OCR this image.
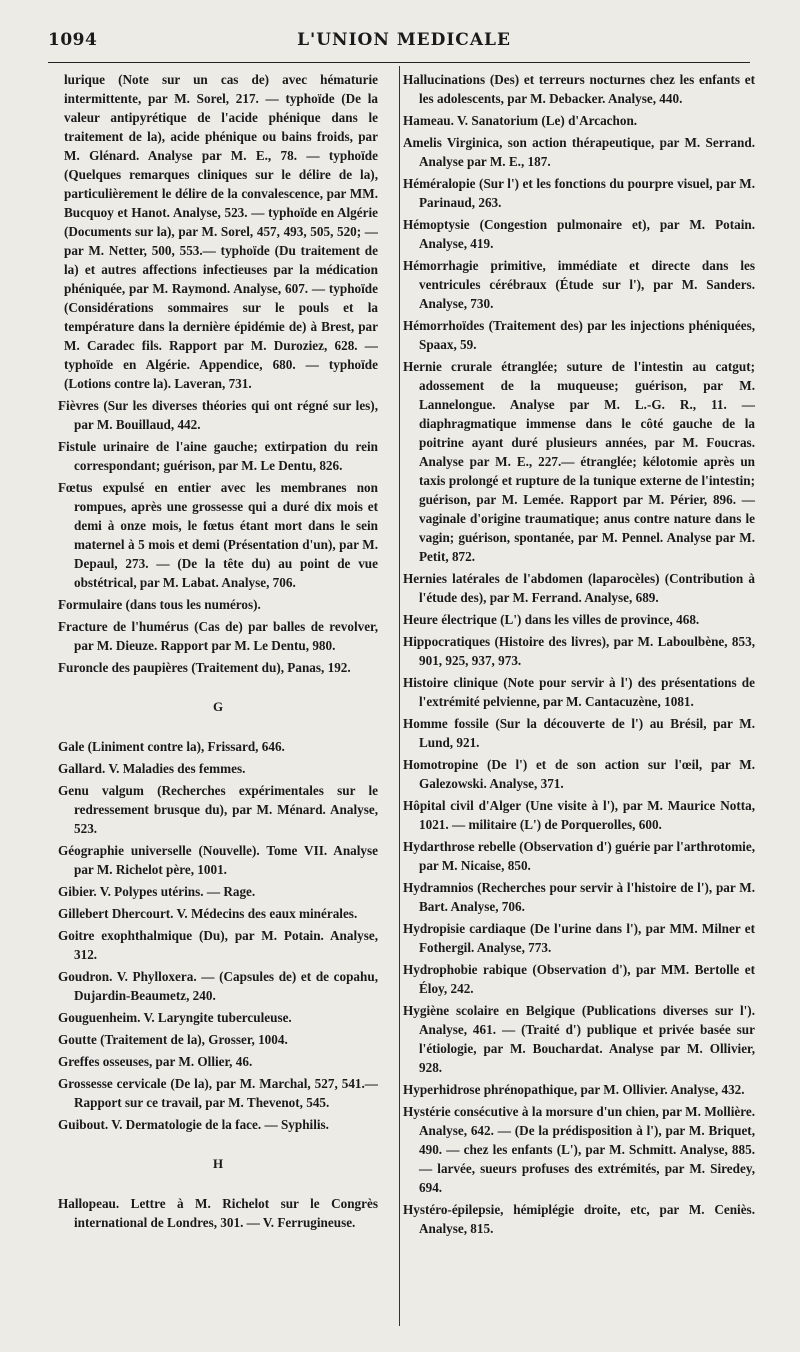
1094	L'UNION MEDICALE

lurique (Note sur un cas de) avec hématurie intermittente, par M. Sorel, 217. — typhoïde (De la valeur antipyrétique de l'acide phénique dans le traitement de la), acide phénique ou bains froids, par M. Glénard. Analyse par M. E., 78. — typhoïde (Quelques remarques cliniques sur le délire de la), particulièrement le délire de la convalescence, par MM. Bucquoy et Hanot. Analyse, 523. — typhoïde en Algérie (Documents sur la), par M. Sorel, 457, 493, 505, 520; — par M. Netter, 500, 553.— typhoïde (Du traitement de la) et autres affections infectieuses par la médication phéniquée, par M. Raymond. Analyse, 607. — typhoïde (Considérations sommaires sur le pouls et la température dans la dernière épidémie de) à Brest, par M. Caradec fils. Rapport par M. Duroziez, 628. — typhoïde en Algérie. Appendice, 680. — typhoïde (Lotions contre la). Laveran, 731.

Fièvres (Sur les diverses théories qui ont régné sur les), par M. Bouillaud, 442.

Fistule urinaire de l'aine gauche; extirpation du rein correspondant; guérison, par M. Le Dentu, 826.

Fœtus expulsé en entier avec les membranes non rompues, après une grossesse qui a duré dix mois et demi à onze mois, le fœtus étant mort dans le sein maternel à 5 mois et demi (Présentation d'un), par M. Depaul, 273. — (De la tête du) au point de vue obstétrical, par M. Labat. Analyse, 706.

Formulaire (dans tous les numéros).

Fracture de l'humérus (Cas de) par balles de revolver, par M. Dieuze. Rapport par M. Le Dentu, 980.

Furoncle des paupières (Traitement du), Panas, 192.

G

Gale (Liniment contre la), Frissard, 646.

Gallard. V. Maladies des femmes.

Genu valgum (Recherches expérimentales sur le redressement brusque du), par M. Ménard. Analyse, 523.

Géographie universelle (Nouvelle). Tome VII. Analyse par M. Richelot père, 1001.

Gibier. V. Polypes utérins. — Rage.

Gillebert Dhercourt. V. Médecins des eaux minérales.

Goitre exophthalmique (Du), par M. Potain. Analyse, 312.

Goudron. V. Phylloxera. — (Capsules de) et de copahu, Dujardin-Beaumetz, 240.

Gouguenheim. V. Laryngite tuberculeuse.

Goutte (Traitement de la), Grosser, 1004.

Greffes osseuses, par M. Ollier, 46.

Grossesse cervicale (De la), par M. Marchal, 527, 541.— Rapport sur ce travail, par M. Thevenot, 545.

Guibout. V. Dermatologie de la face. — Syphilis.

H

Hallopeau. Lettre à M. Richelot sur le Congrès international de Londres, 301. — V. Ferrugineuse.

Hallucinations (Des) et terreurs nocturnes chez les enfants et les adolescents, par M. Debacker. Analyse, 440.

Hameau. V. Sanatorium (Le) d'Arcachon.

Amelis Virginica, son action thérapeutique, par M. Serrand. Analyse par M. E., 187.

Héméralopie (Sur l') et les fonctions du pourpre visuel, par M. Parinaud, 263.

Hémoptysie (Congestion pulmonaire et), par M. Potain. Analyse, 419.

Hémorrhagie primitive, immédiate et directe dans les ventricules cérébraux (Étude sur l'), par M. Sanders. Analyse, 730.

Hémorrhoïdes (Traitement des) par les injections phéniquées, Spaax, 59.

Hernie crurale étranglée; suture de l'intestin au catgut; adossement de la muqueuse; guérison, par M. Lannelongue. Analyse par M. L.-G. R., 11. — diaphragmatique immense dans le côté gauche de la poitrine ayant duré plusieurs années, par M. Foucras. Analyse par M. E., 227.— étranglée; kélotomie après un taxis prolongé et rupture de la tunique externe de l'intestin; guérison, par M. Lemée. Rapport par M. Périer, 896. — vaginale d'origine traumatique; anus contre nature dans le vagin; guérison, spontanée, par M. Pennel. Analyse par M. Petit, 872.

Hernies latérales de l'abdomen (laparocèles) (Contribution à l'étude des), par M. Ferrand. Analyse, 689.

Heure électrique (L') dans les villes de province, 468.

Hippocratiques (Histoire des livres), par M. Laboulbène, 853, 901, 925, 937, 973.

Histoire clinique (Note pour servir à l') des présentations de l'extrémité pelvienne, par M. Cantacuzène, 1081.

Homme fossile (Sur la découverte de l') au Brésil, par M. Lund, 921.

Homotropine (De l') et de son action sur l'œil, par M. Galezowski. Analyse, 371.

Hôpital civil d'Alger (Une visite à l'), par M. Maurice Notta, 1021. — militaire (L') de Porquerolles, 600.

Hydarthrose rebelle (Observation d') guérie par l'arthrotomie, par M. Nicaise, 850.

Hydramnios (Recherches pour servir à l'histoire de l'), par M. Bart. Analyse, 706.

Hydropisie cardiaque (De l'urine dans l'), par MM. Milner et Fothergil. Analyse, 773.

Hydrophobie rabique (Observation d'), par MM. Bertolle et Éloy, 242.

Hygiène scolaire en Belgique (Publications diverses sur l'). Analyse, 461. — (Traité d') publique et privée basée sur l'étiologie, par M. Bouchardat. Analyse par M. Ollivier, 928.

Hyperhidrose phrénopathique, par M. Ollivier. Analyse, 432.

Hystérie consécutive à la morsure d'un chien, par M. Mollière. Analyse, 642. — (De la prédisposition à l'), par M. Briquet, 490. — chez les enfants (L'), par M. Schmitt. Analyse, 885. — larvée, sueurs profuses des extrémités, par M. Siredey, 694.

Hystéro-épilepsie, hémiplégie droite, etc, par M. Ceniès. Analyse, 815.
